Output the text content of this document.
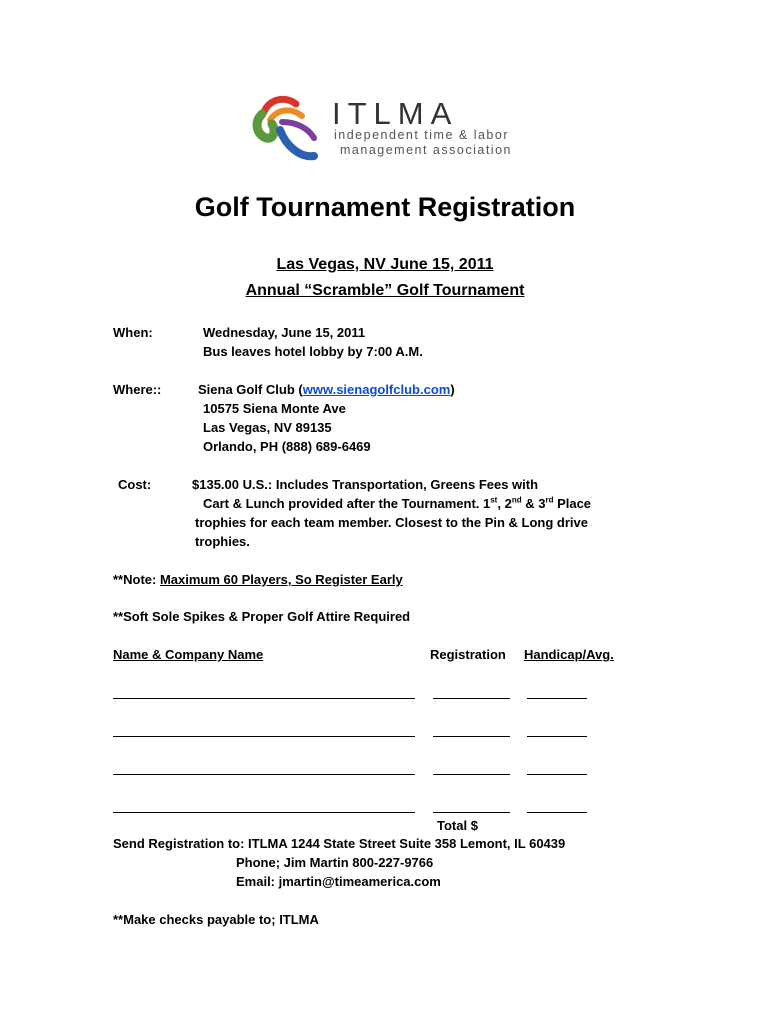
ITLMA
independent time & labor
management association
Golf Tournament Registration
Las Vegas, NV June 15, 2011
Annual “Scramble” Golf Tournament
When:	Wednesday, June 15, 2011
Bus leaves hotel lobby by 7:00 A.M.
Where::	Siena Golf Club (www.sienagolfclub.com)
10575 Siena Monte Ave
Las Vegas, NV 89135
Orlando, PH (888) 689-6469
Cost:	$135.00 U.S.: Includes Transportation, Greens Fees with
Cart & Lunch provided after the Tournament. 1st, 2nd & 3rd Place
trophies for each team member. Closest to the Pin & Long drive
trophies.
**Note: Maximum 60 Players, So Register Early
**Soft Sole Spikes & Proper Golf Attire Required
Name & Company Name	Registration Handicap/Avg.
Total $
Send Registration to: ITLMA 1244 State Street Suite 358 Lemont, IL 60439
Phone; Jim Martin 800-227-9766
Email: jmartin@timeamerica.com
**Make checks payable to; ITLMA
